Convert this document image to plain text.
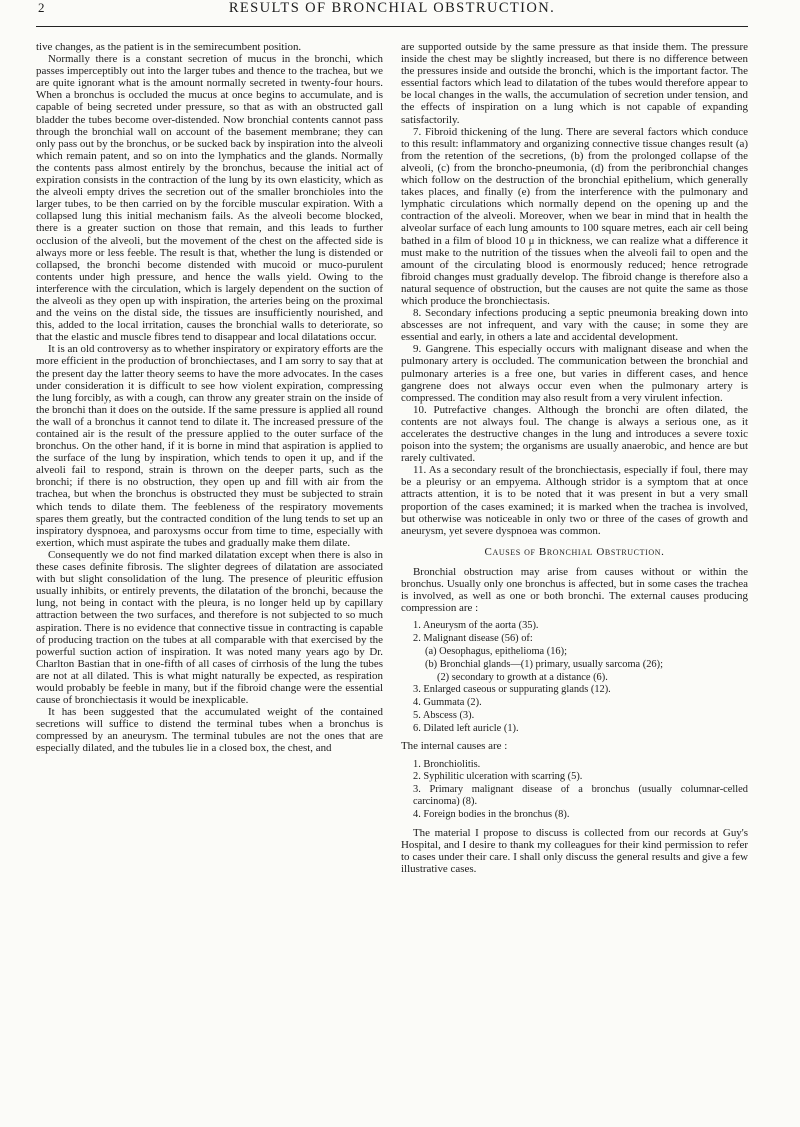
2	RESULTS OF BRONCHIAL OBSTRUCTION.

tive changes, as the patient is in the semirecumbent position.

Normally there is a constant secretion of mucus in the bronchi, which passes imperceptibly out into the larger tubes and thence to the trachea, but we are quite ignorant what is the amount normally secreted in twenty-four hours. When a bronchus is occluded the mucus at once begins to accumulate, and is capable of being secreted under pressure, so that as with an obstructed gall bladder the tubes become over-distended. Now bronchial contents cannot pass through the bronchial wall on account of the basement membrane; they can only pass out by the bronchus, or be sucked back by inspiration into the alveoli which remain patent, and so on into the lymphatics and the glands. Normally the contents pass almost entirely by the bronchus, because the initial act of expiration consists in the contraction of the lung by its own elasticity, which as the alveoli empty drives the secretion out of the smaller bronchioles into the larger tubes, to be then carried on by the forcible muscular expiration. With a collapsed lung this initial mechanism fails. As the alveoli become blocked, there is a greater suction on those that remain, and this leads to further occlusion of the alveoli, but the movement of the chest on the affected side is always more or less feeble. The result is that, whether the lung is distended or collapsed, the bronchi become distended with mucoid or muco-purulent contents under high pressure, and hence the walls yield. Owing to the interference with the circulation, which is largely dependent on the suction of the alveoli as they open up with inspiration, the arteries being on the proximal and the veins on the distal side, the tissues are insufficiently nourished, and this, added to the local irritation, causes the bronchial walls to deteriorate, so that the elastic and muscle fibres tend to disappear and local dilatations occur.

It is an old controversy as to whether inspiratory or expiratory efforts are the more efficient in the production of bronchiectases, and I am sorry to say that at the present day the latter theory seems to have the more advocates. In the cases under consideration it is difficult to see how violent expiration, compressing the lung forcibly, as with a cough, can throw any greater strain on the inside of the bronchi than it does on the outside. If the same pressure is applied all round the wall of a bronchus it cannot tend to dilate it. The increased pressure of the contained air is the result of the pressure applied to the outer surface of the bronchus. On the other hand, if it is borne in mind that aspiration is applied to the surface of the lung by inspiration, which tends to open it up, and if the alveoli fail to respond, strain is thrown on the deeper parts, such as the bronchi; if there is no obstruction, they open up and fill with air from the trachea, but when the bronchus is obstructed they must be subjected to strain which tends to dilate them. The feebleness of the respiratory movements spares them greatly, but the contracted condition of the lung tends to set up an inspiratory dyspnoea, and paroxysms occur from time to time, especially with exertion, which must aspirate the tubes and gradually make them dilate.

Consequently we do not find marked dilatation except when there is also in these cases definite fibrosis. The slighter degrees of dilatation are associated with but slight consolidation of the lung. The presence of pleuritic effusion usually inhibits, or entirely prevents, the dilatation of the bronchi, because the lung, not being in contact with the pleura, is no longer held up by capillary attraction between the two surfaces, and therefore is not subjected to so much aspiration. There is no evidence that connective tissue in contracting is capable of producing traction on the tubes at all comparable with that exercised by the powerful suction action of inspiration. It was noted many years ago by Dr. Charlton Bastian that in one-fifth of all cases of cirrhosis of the lung the tubes are not at all dilated. This is what might naturally be expected, as respiration would probably be feeble in many, but if the fibroid change were the essential cause of bronchiectasis it would be inexplicable.

It has been suggested that the accumulated weight of the contained secretions will suffice to distend the terminal tubes when a bronchus is compressed by an aneurysm. The terminal tubules are not the ones that are especially dilated, and the tubules lie in a closed box, the chest, and

are supported outside by the same pressure as that inside them. The pressure inside the chest may be slightly increased, but there is no difference between the pressures inside and outside the bronchi, which is the important factor. The essential factors which lead to dilatation of the tubes would therefore appear to be local changes in the walls, the accumulation of secretion under tension, and the effects of inspiration on a lung which is not capable of expanding satisfactorily.

7. Fibroid thickening of the lung. There are several factors which conduce to this result: inflammatory and organizing connective tissue changes result (a) from the retention of the secretions, (b) from the prolonged collapse of the alveoli, (c) from the broncho-pneumonia, (d) from the peribronchial changes which follow on the destruction of the bronchial epithelium, which generally takes places, and finally (e) from the interference with the pulmonary and lymphatic circulations which normally depend on the opening up and the contraction of the alveoli. Moreover, when we bear in mind that in health the alveolar surface of each lung amounts to 100 square metres, each air cell being bathed in a film of blood 10 μ in thickness, we can realize what a difference it must make to the nutrition of the tissues when the alveoli fail to open and the amount of the circulating blood is enormously reduced; hence retrograde fibroid changes must gradually develop. The fibroid change is therefore also a natural sequence of obstruction, but the causes are not quite the same as those which produce the bronchiectasis.

8. Secondary infections producing a septic pneumonia breaking down into abscesses are not infrequent, and vary with the cause; in some they are essential and early, in others a late and accidental development.

9. Gangrene. This especially occurs with malignant disease and when the pulmonary artery is occluded. The communication between the bronchial and pulmonary arteries is a free one, but varies in different cases, and hence gangrene does not always occur even when the pulmonary artery is compressed. The condition may also result from a very virulent infection.

10. Putrefactive changes. Although the bronchi are often dilated, the contents are not always foul. The change is always a serious one, as it accelerates the destructive changes in the lung and introduces a severe toxic poison into the system; the organisms are usually anaerobic, and hence are but rarely cultivated.

11. As a secondary result of the bronchiectasis, especially if foul, there may be a pleurisy or an empyema. Although stridor is a symptom that at once attracts attention, it is to be noted that it was present in but a very small proportion of the cases examined; it is marked when the trachea is involved, but otherwise was noticeable in only two or three of the cases of growth and aneurysm, yet severe dyspnoea was common.

Causes of Bronchial Obstruction.

Bronchial obstruction may arise from causes without or within the bronchus. Usually only one bronchus is affected, but in some cases the trachea is involved, as well as one or both bronchi. The external causes producing compression are :

1. Aneurysm of the aorta (35).
2. Malignant disease (56) of:
(a) Oesophagus, epithelioma (16);
(b) Bronchial glands—(1) primary, usually sarcoma (26);
(2) secondary to growth at a distance (6).
3. Enlarged caseous or suppurating glands (12).
4. Gummata (2).
5. Abscess (3).
6. Dilated left auricle (1).

The internal causes are :

1. Bronchiolitis.
2. Syphilitic ulceration with scarring (5).
3. Primary malignant disease of a bronchus (usually columnar-celled carcinoma) (8).
4. Foreign bodies in the bronchus (8).

The material I propose to discuss is collected from our records at Guy's Hospital, and I desire to thank my colleagues for their kind permission to refer to cases under their care. I shall only discuss the general results and give a few illustrative cases.
